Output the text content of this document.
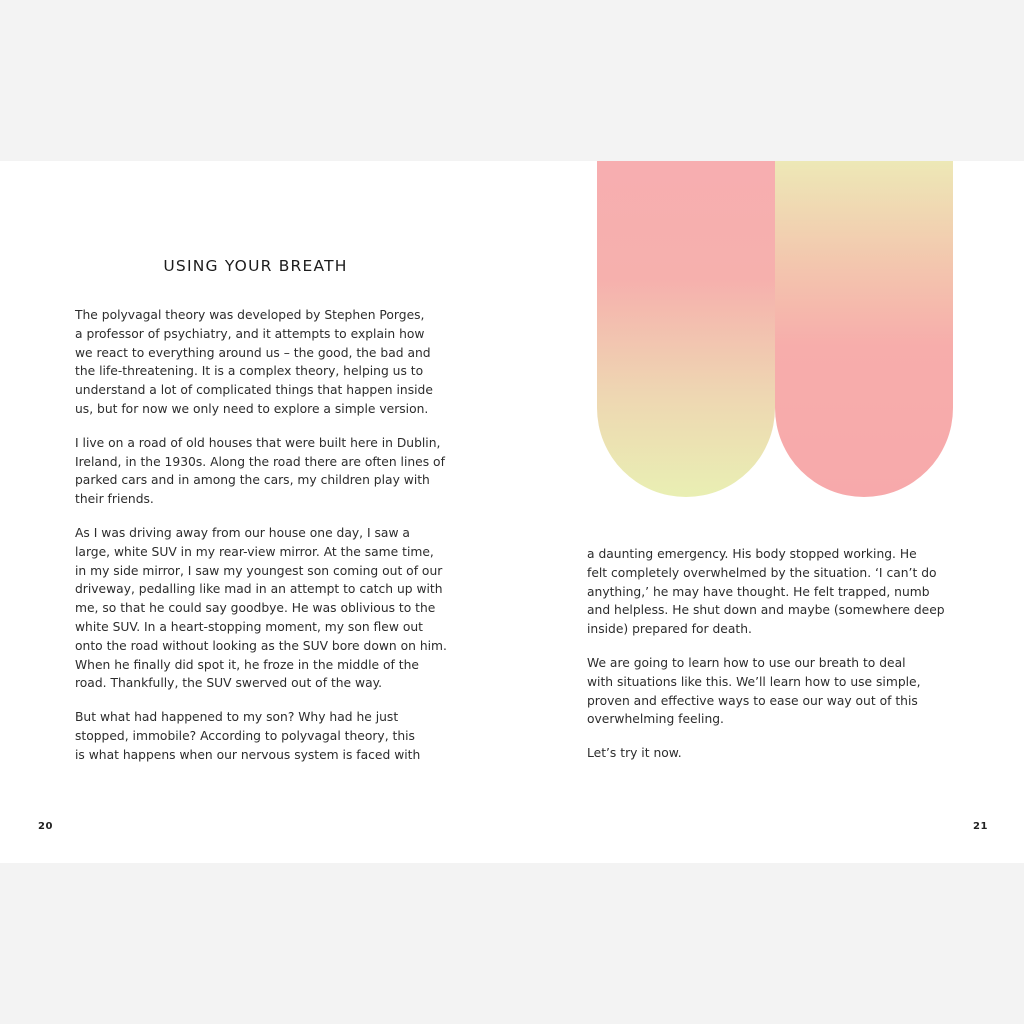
USING YOUR BREATH

The polyvagal theory was developed by Stephen Porges,
a professor of psychiatry, and it attempts to explain how
we react to everything around us – the good, the bad and
the life-threatening. It is a complex theory, helping us to
understand a lot of complicated things that happen inside
us, but for now we only need to explore a simple version.

I live on a road of old houses that were built here in Dublin,
Ireland, in the 1930s. Along the road there are often lines of
parked cars and in among the cars, my children play with
their friends.

As I was driving away from our house one day, I saw a
large, white SUV in my rear-view mirror. At the same time,
in my side mirror, I saw my youngest son coming out of our
driveway, pedalling like mad in an attempt to catch up with
me, so that he could say goodbye. He was oblivious to the
white SUV. In a heart-stopping moment, my son flew out
onto the road without looking as the SUV bore down on him.
When he finally did spot it, he froze in the middle of the
road. Thankfully, the SUV swerved out of the way.

But what had happened to my son? Why had he just
stopped, immobile? According to polyvagal theory, this
is what happens when our nervous system is faced with

20

a daunting emergency. His body stopped working. He
felt completely overwhelmed by the situation. ‘I can’t do
anything,’ he may have thought. He felt trapped, numb
and helpless. He shut down and maybe (somewhere deep
inside) prepared for death.

We are going to learn how to use our breath to deal
with situations like this. We’ll learn how to use simple,
proven and effective ways to ease our way out of this
overwhelming feeling.

Let’s try it now.

21
